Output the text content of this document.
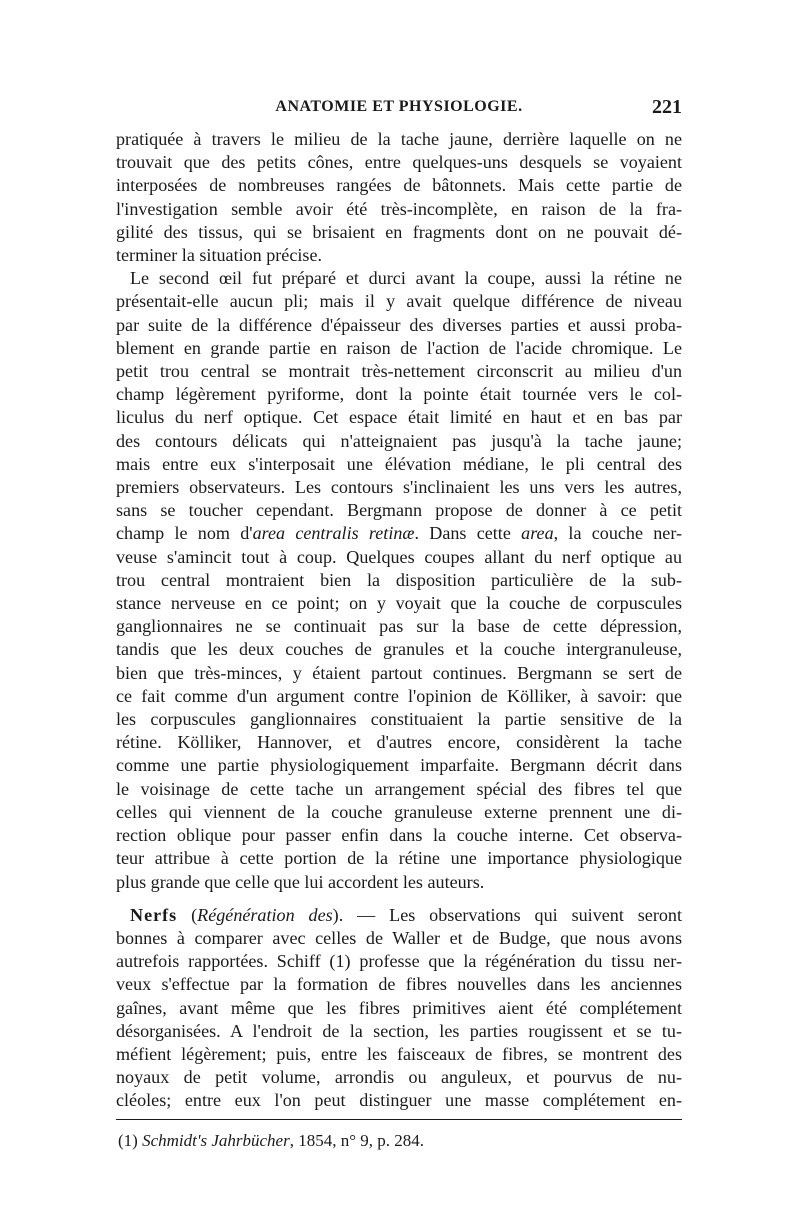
ANATOMIE ET PHYSIOLOGIE.	221

pratiquée à travers le milieu de la tache jaune, derrière laquelle on ne
trouvait que des petits cônes, entre quelques-uns desquels se voyaient
interposées de nombreuses rangées de bâtonnets. Mais cette partie de
l'investigation semble avoir été très-incomplète, en raison de la fra-
gilité des tissus, qui se brisaient en fragments dont on ne pouvait dé-
terminer la situation précise.

Le second œil fut préparé et durci avant la coupe, aussi la rétine ne
présentait-elle aucun pli; mais il y avait quelque différence de niveau
par suite de la différence d'épaisseur des diverses parties et aussi proba-
blement en grande partie en raison de l'action de l'acide chromique. Le
petit trou central se montrait très-nettement circonscrit au milieu d'un
champ légèrement pyriforme, dont la pointe était tournée vers le col-
liculus du nerf optique. Cet espace était limité en haut et en bas par
des contours délicats qui n'atteignaient pas jusqu'à la tache jaune;
mais entre eux s'interposait une élévation médiane, le pli central des
premiers observateurs. Les contours s'inclinaient les uns vers les autres,
sans se toucher cependant. Bergmann propose de donner à ce petit
champ le nom d'area centralis retinæ. Dans cette area, la couche ner-
veuse s'amincit tout à coup. Quelques coupes allant du nerf optique au
trou central montraient bien la disposition particulière de la sub-
stance nerveuse en ce point; on y voyait que la couche de corpuscules
ganglionnaires ne se continuait pas sur la base de cette dépression,
tandis que les deux couches de granules et la couche intergranuleuse,
bien que très-minces, y étaient partout continues. Bergmann se sert de
ce fait comme d'un argument contre l'opinion de Kölliker, à savoir: que
les corpuscules ganglionnaires constituaient la partie sensitive de la
rétine. Kölliker, Hannover, et d'autres encore, considèrent la tache
comme une partie physiologiquement imparfaite. Bergmann décrit dans
le voisinage de cette tache un arrangement spécial des fibres tel que
celles qui viennent de la couche granuleuse externe prennent une di-
rection oblique pour passer enfin dans la couche interne. Cet observa-
teur attribue à cette portion de la rétine une importance physiologique
plus grande que celle que lui accordent les auteurs.

Nerfs (Régénération des). — Les observations qui suivent seront
bonnes à comparer avec celles de Waller et de Budge, que nous avons
autrefois rapportées. Schiff (1) professe que la régénération du tissu ner-
veux s'effectue par la formation de fibres nouvelles dans les anciennes
gaînes, avant même que les fibres primitives aient été complétement
désorganisées. A l'endroit de la section, les parties rougissent et se tu-
méfient légèrement; puis, entre les faisceaux de fibres, se montrent des
noyaux de petit volume, arrondis ou anguleux, et pourvus de nu-
cléoles; entre eux l'on peut distinguer une masse complétement en-

(1) Schmidt's Jahrbücher, 1854, n° 9, p. 284.
